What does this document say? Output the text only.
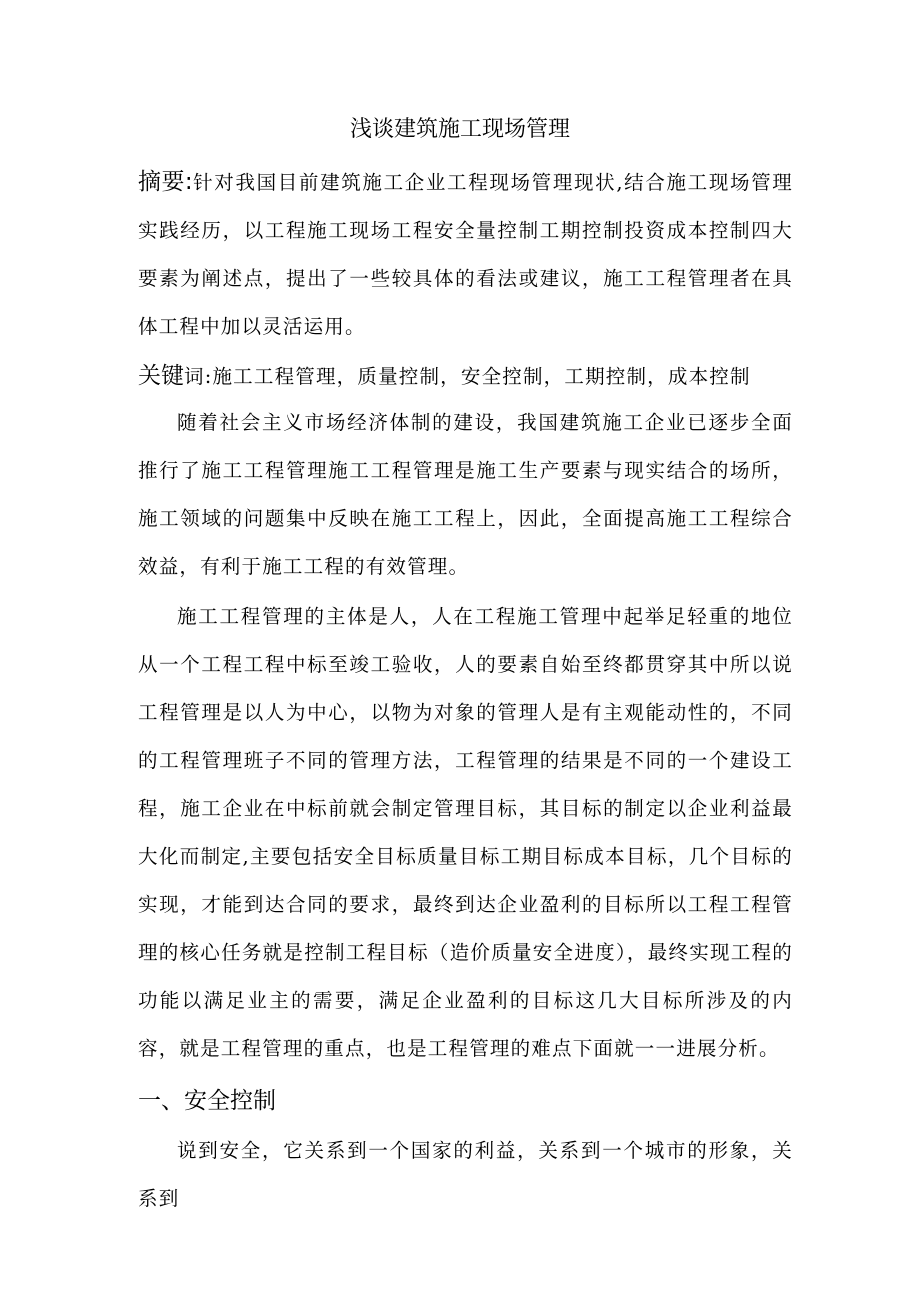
浅谈建筑施工现场管理
摘要:针对我国目前建筑施工企业工程现场管理现状,结合施工现场管理实践经历，以工程施工现场工程安全量控制工期控制投资成本控制四大要素为阐述点，提出了一些较具体的看法或建议，施工工程管理者在具体工程中加以灵活运用。
关键词:施工工程管理，质量控制，安全控制，工期控制，成本控制
随着社会主义市场经济体制的建设，我国建筑施工企业已逐步全面推行了施工工程管理施工工程管理是施工生产要素与现实结合的场所，施工领域的问题集中反映在施工工程上，因此，全面提高施工工程综合效益，有利于施工工程的有效管理。
施工工程管理的主体是人，人在工程施工管理中起举足轻重的地位从一个工程工程中标至竣工验收，人的要素自始至终都贯穿其中所以说工程管理是以人为中心，以物为对象的管理人是有主观能动性的，不同的工程管理班子不同的管理方法，工程管理的结果是不同的一个建设工程，施工企业在中标前就会制定管理目标，其目标的制定以企业利益最大化而制定,主要包括安全目标质量目标工期目标成本目标，几个目标的实现，才能到达合同的要求，最终到达企业盈利的目标所以工程工程管理的核心任务就是控制工程目标（造价质量安全进度），最终实现工程的功能以满足业主的需要，满足企业盈利的目标这几大目标所涉及的内容，就是工程管理的重点，也是工程管理的难点下面就一一进展分析。
一、安全控制
说到安全，它关系到一个国家的利益，关系到一个城市的形象，关系到
